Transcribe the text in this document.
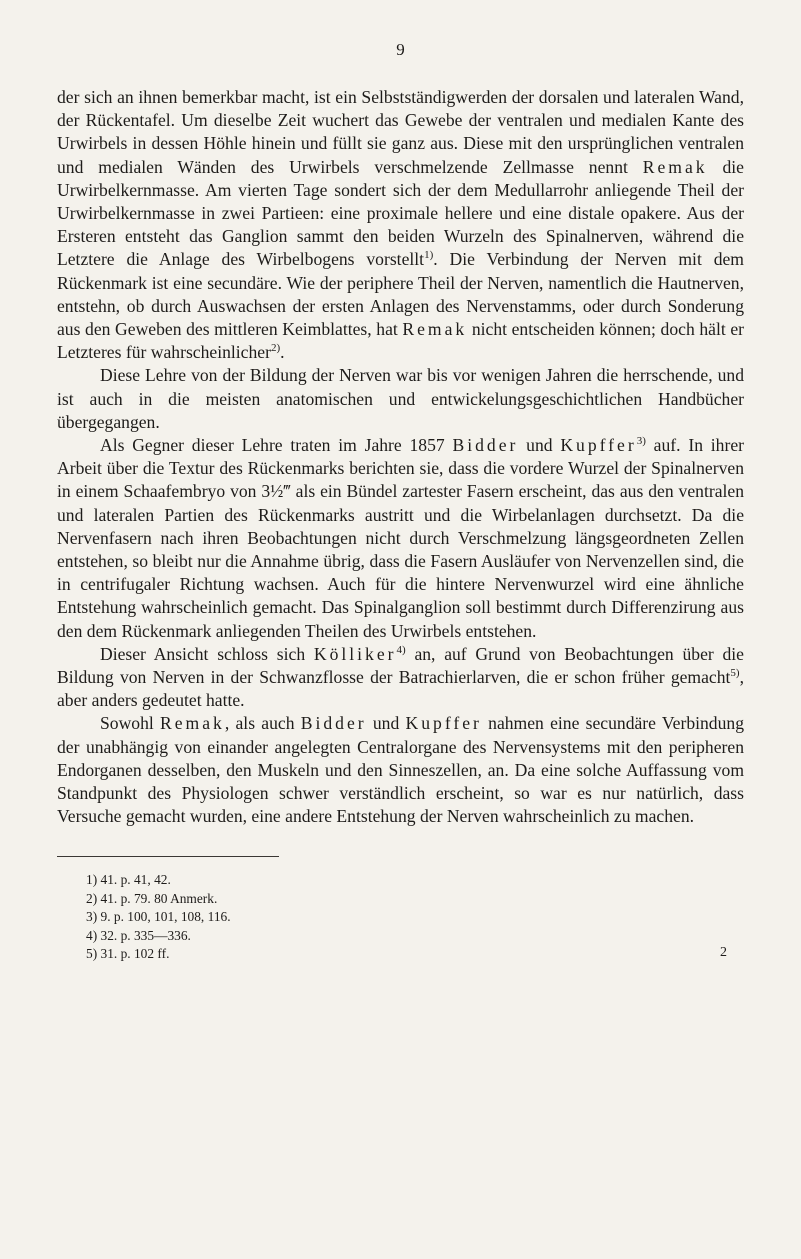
9

der sich an ihnen bemerkbar macht, ist ein Selbstständigwerden der dorsalen und lateralen Wand, der Rückentafel. Um dieselbe Zeit wuchert das Gewebe der ventralen und medialen Kante des Urwirbels in dessen Höhle hinein und füllt sie ganz aus. Diese mit den ursprünglichen ventralen und medialen Wänden des Urwirbels verschmelzende Zellmasse nennt Remak die Urwirbelkernmasse. Am vierten Tage sondert sich der dem Medullarrohr anliegende Theil der Urwirbelkernmasse in zwei Partieen: eine proximale hellere und eine distale opakere. Aus der Ersteren entsteht das Ganglion sammt den beiden Wurzeln des Spinalnerven, während die Letztere die Anlage des Wirbelbogens vorstellt$^{1)}$. Die Verbindung der Nerven mit dem Rückenmark ist eine secundäre. Wie der periphere Theil der Nerven, namentlich die Hautnerven, entstehn, ob durch Auswachsen der ersten Anlagen des Nervenstamms, oder durch Sonderung aus den Geweben des mittleren Keimblattes, hat Remak nicht entscheiden können; doch hält er Letzteres für wahrscheinlicher$^{2)}$.

Diese Lehre von der Bildung der Nerven war bis vor wenigen Jahren die herrschende, und ist auch in die meisten anatomischen und entwickelungsgeschichtlichen Handbücher übergegangen.

Als Gegner dieser Lehre traten im Jahre 1857 Bidder und Kupffer$^{3)}$ auf. In ihrer Arbeit über die Textur des Rückenmarks berichten sie, dass die vordere Wurzel der Spinalnerven in einem Schaafembryo von 3½‴ als ein Bündel zartester Fasern erscheint, das aus den ventralen und lateralen Partien des Rückenmarks austritt und die Wirbelanlagen durchsetzt. Da die Nervenfasern nach ihren Beobachtungen nicht durch Verschmelzung längsgeordneten Zellen entstehen, so bleibt nur die Annahme übrig, dass die Fasern Ausläufer von Nervenzellen sind, die in centrifugaler Richtung wachsen. Auch für die hintere Nervenwurzel wird eine ähnliche Entstehung wahrscheinlich gemacht. Das Spinalganglion soll bestimmt durch Differenzirung aus den dem Rückenmark anliegenden Theilen des Urwirbels entstehen.

Dieser Ansicht schloss sich Kölliker$^{4)}$ an, auf Grund von Beobachtungen über die Bildung von Nerven in der Schwanzflosse der Batrachierlarven, die er schon früher gemacht$^{5)}$, aber anders gedeutet hatte.

Sowohl Remak, als auch Bidder und Kupffer nahmen eine secundäre Verbindung der unabhängig von einander angelegten Centralorgane des Nervensystems mit den peripheren Endorganen desselben, den Muskeln und den Sinneszellen, an. Da eine solche Auffassung vom Standpunkt des Physiologen schwer verständlich erscheint, so war es nur natürlich, dass Versuche gemacht wurden, eine andere Entstehung der Nerven wahrscheinlich zu machen.

1) 41. p. 41, 42.
2) 41. p. 79. 80 Anmerk.
3) 9. p. 100, 101, 108, 116.
4) 32. p. 335—336.
5) 31. p. 102 ff.	2
